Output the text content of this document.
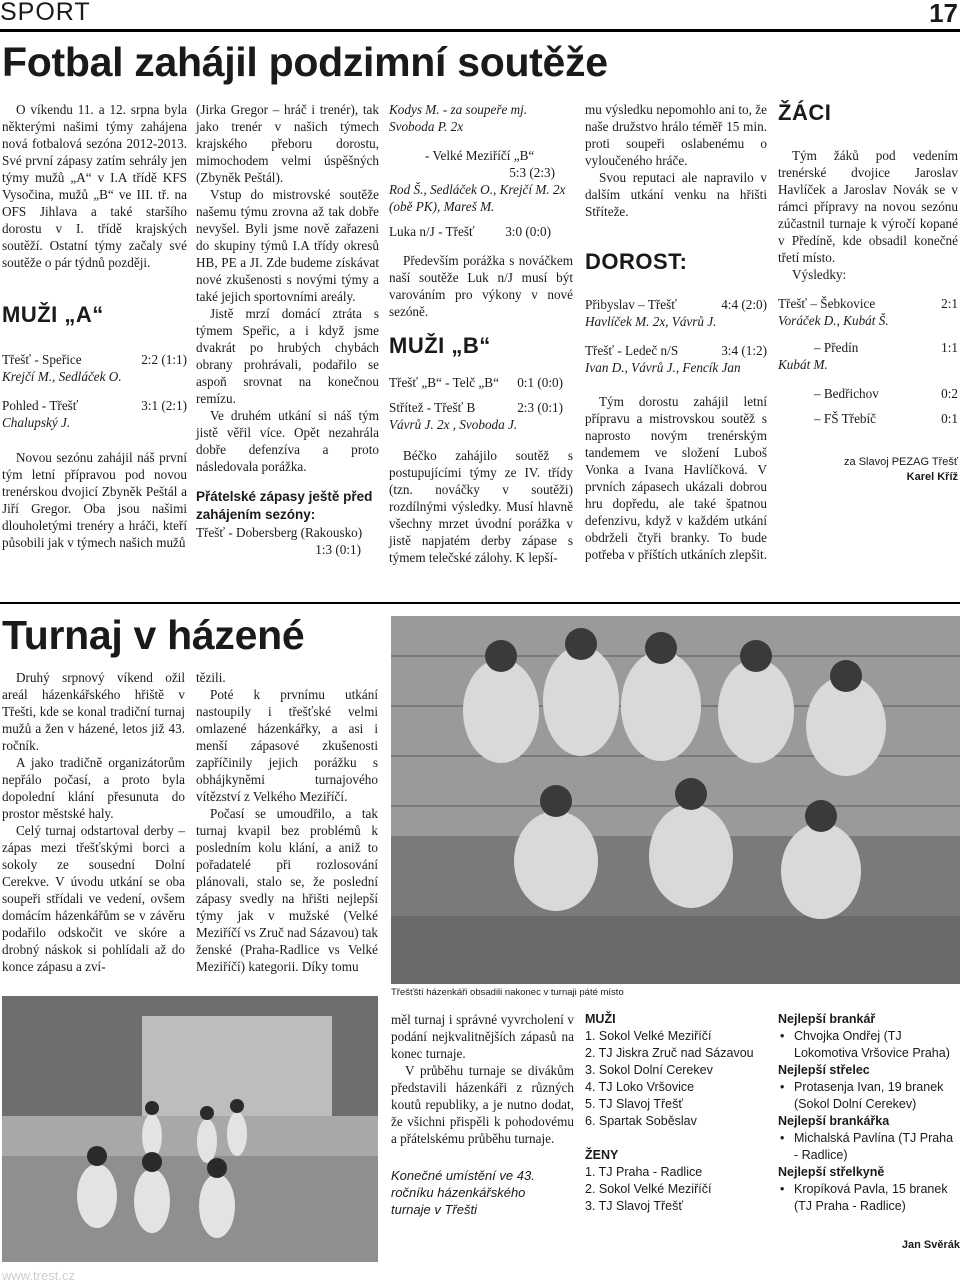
SPORT	17
Fotbal zahájil podzimní soutěže

O víkendu 11. a 12. srpna byla některými našimi týmy zahájena nová fotbalová sezóna 2012-2013. Své první zápasy zatím sehrály jen týmy mužů „A“ v I.A třídě KFS Vysočina, mužů „B“ ve III. tř. na OFS Jihlava a také staršího dorostu v I. třídě krajských soutěží. Ostatní týmy začaly své soutěže o pár týdnů později.

MUŽI „A“
Třešť - Speřice	2:2 (1:1)
Krejčí M., Sedláček O.
Pohled - Třešť	3:1 (2:1)
Chalupský J.

Novou sezónu zahájil náš první tým letní přípravou pod novou trenérskou dvojicí Zbyněk Peštál a Jiří Gregor. Oba jsou našimi dlouholetými trenéry a hráči, kteří působili jak v týmech našich mužů

(Jirka Gregor – hráč i trenér), tak jako trenér v našich týmech krajského přeboru dorostu, mimochodem velmi úspěšných (Zbyněk Peštál).

Vstup do mistrovské soutěže našemu týmu zrovna až tak dobře nevyšel. Byli jsme nově zařazeni do skupiny týmů I.A třídy okresů HB, PE a JI. Zde budeme získávat nové zkušenosti s novými týmy a také jejich sportovními areály.

Jistě mrzí domácí ztráta s týmem Speřic, a i když jsme dvakrát po hrubých chybách obrany prohrávali, podařilo se aspoň srovnat na konečnou remízu.

Ve druhém utkání si náš tým jistě věřil více. Opět nezahrála dobře defenzíva a proto následovala porážka.

Přátelské zápasy ještě před zahájením sezóny:
Třešť - Dobersberg (Rakousko)
1:3 (0:1)
Kodys M. - za soupeře mj. Svoboda P. 2x
- Velké Meziříčí „B“
5:3 (2:3)
Rod Š., Sedláček O., Krejčí M. 2x (obě PK), Mareš M.
Luka n/J - Třešť 3:0 (0:0)

Především porážka s nováčkem naší soutěže Luk n/J musí být varováním pro výkony v nové sezóně.

MUŽI „B“
Třešť „B“ - Telč „B“ 0:1 (0:0)
Střítež - Třešť B	2:3 (0:1)
Vávrů J. 2x , Svoboda J.

Béčko zahájilo soutěž s postupujícími týmy ze IV. třídy (tzn. nováčky v soutěži) rozdílnými výsledky. Musí hlavně všechny mrzet úvodní porážka v jistě napjatém derby zápase s týmem telečské zálohy. K lepší-

mu výsledku nepomohlo ani to, že naše družstvo hrálo téměř 15 min. proti soupeři oslabenému o vyloučeného hráče.

Svou reputaci ale napravilo v dalším utkání venku na hřišti Stříteže.

DOROST:
Přibyslav – Třešť	4:4 (2:0)
Havlíček M. 2x, Vávrů J.
Třešť - Ledeč n/S	3:4 (1:2)
Ivan D., Vávrů J., Fencík Jan

Tým dorostu zahájil letní přípravu a mistrovskou soutěž s naprosto novým trenérským tandemem ve složení Luboš Vonka a Ivana Havlíčková. V prvních zápasech ukázali dobrou hru dopředu, ale také špatnou defenzivu, když v každém utkání obdrželi čtyři branky. To bude potřeba v příštích utkáních zlepšit.

ŽÁCI

Tým žáků pod vedením trenérské dvojice Jaroslav Havlíček a Jaroslav Novák se v rámci přípravy na novou sezónu zúčastnil turnaje k výročí kopané v Předíně, kde obsadil konečné třetí místo.

Výsledky:

Třešť – Šebkovice	2:1
Voráček D., Kubát Š.
– Předín	1:1
Kubát M.
– Bedřichov	0:2
– FŠ Třebíč	0:1
za Slavoj PEZAG Třešť
Karel Kříž
Turnaj v házené

Druhý srpnový víkend ožil areál házenkářského hřiště v Třešti, kde se konal tradiční turnaj mužů a žen v házené, letos již 43. ročník.

A jako tradičně organizátorům nepřálo počasí, a proto byla dopolední klání přesunuta do prostor městské haly.

Celý turnaj odstartoval derby – zápas mezi třešťskými borci a sokoly ze sousední Dolní Cerekve. V úvodu utkání se oba soupeři střídali ve vedení, ovšem domácím házenkářům se v závěru podařilo odskočit ve skóre a drobný náskok si pohlídali až do konce zápasu a zví-

tězili.

Poté k prvnímu utkání nastoupily i třešťské velmi omlazené házenkářky, a asi i menší zápasové zkušenosti zapříčinily jejich porážku s obhájkyněmi turnajového vítězství z Velkého Meziříčí.

Počasí se umoudřilo, a tak turnaj kvapil bez problémů k posledním kolu klání, a aniž to pořadatelé při rozlosování plánovali, stalo se, že poslední zápasy svedly na hřišti nejlepší týmy jak v mužské (Velké Meziříčí vs Zruč nad Sázavou) tak ženské (Praha-Radlice vs Velké Meziříčí) kategorii. Díky tomu

Třešťští házenkáři obsadili nakonec v turnaji páté místo

měl turnaj i správné vyvrcholení v podání nejkvalitnějších zápasů na konec turnaje.

V průběhu turnaje se divákům představili házenkáři z různých koutů republiky, a je nutno dodat, že všichni přispěli k pohodovému a přátelskému průběhu turnaje.

Konečné umístění ve 43. ročníku házenkářského turnaje v Třešti
MUŽI
1. Sokol Velké Meziříčí
2. TJ Jiskra Zruč nad Sázavou
3. Sokol Dolní Cerekev
4. TJ Loko Vršovice
5. TJ Slavoj Třešť
6. Spartak Soběslav
ŽENY
1. TJ Praha - Radlice
2. Sokol Velké Meziříčí
3. TJ Slavoj Třešť
Nejlepší brankář
Chvojka Ondřej (TJ Lokomotiva Vršovice Praha)
•
Nejlepší střelec
Protasenja Ivan, 19 branek (Sokol Dolní Cerekev)
•
Nejlepší brankářka
Michalská Pavlína (TJ Praha - Radlice)
•
Nejlepší střelkyně
Kropíková Pavla, 15 branek (TJ Praha - Radlice)
•
Jan Svěrák
www.trest.cz
